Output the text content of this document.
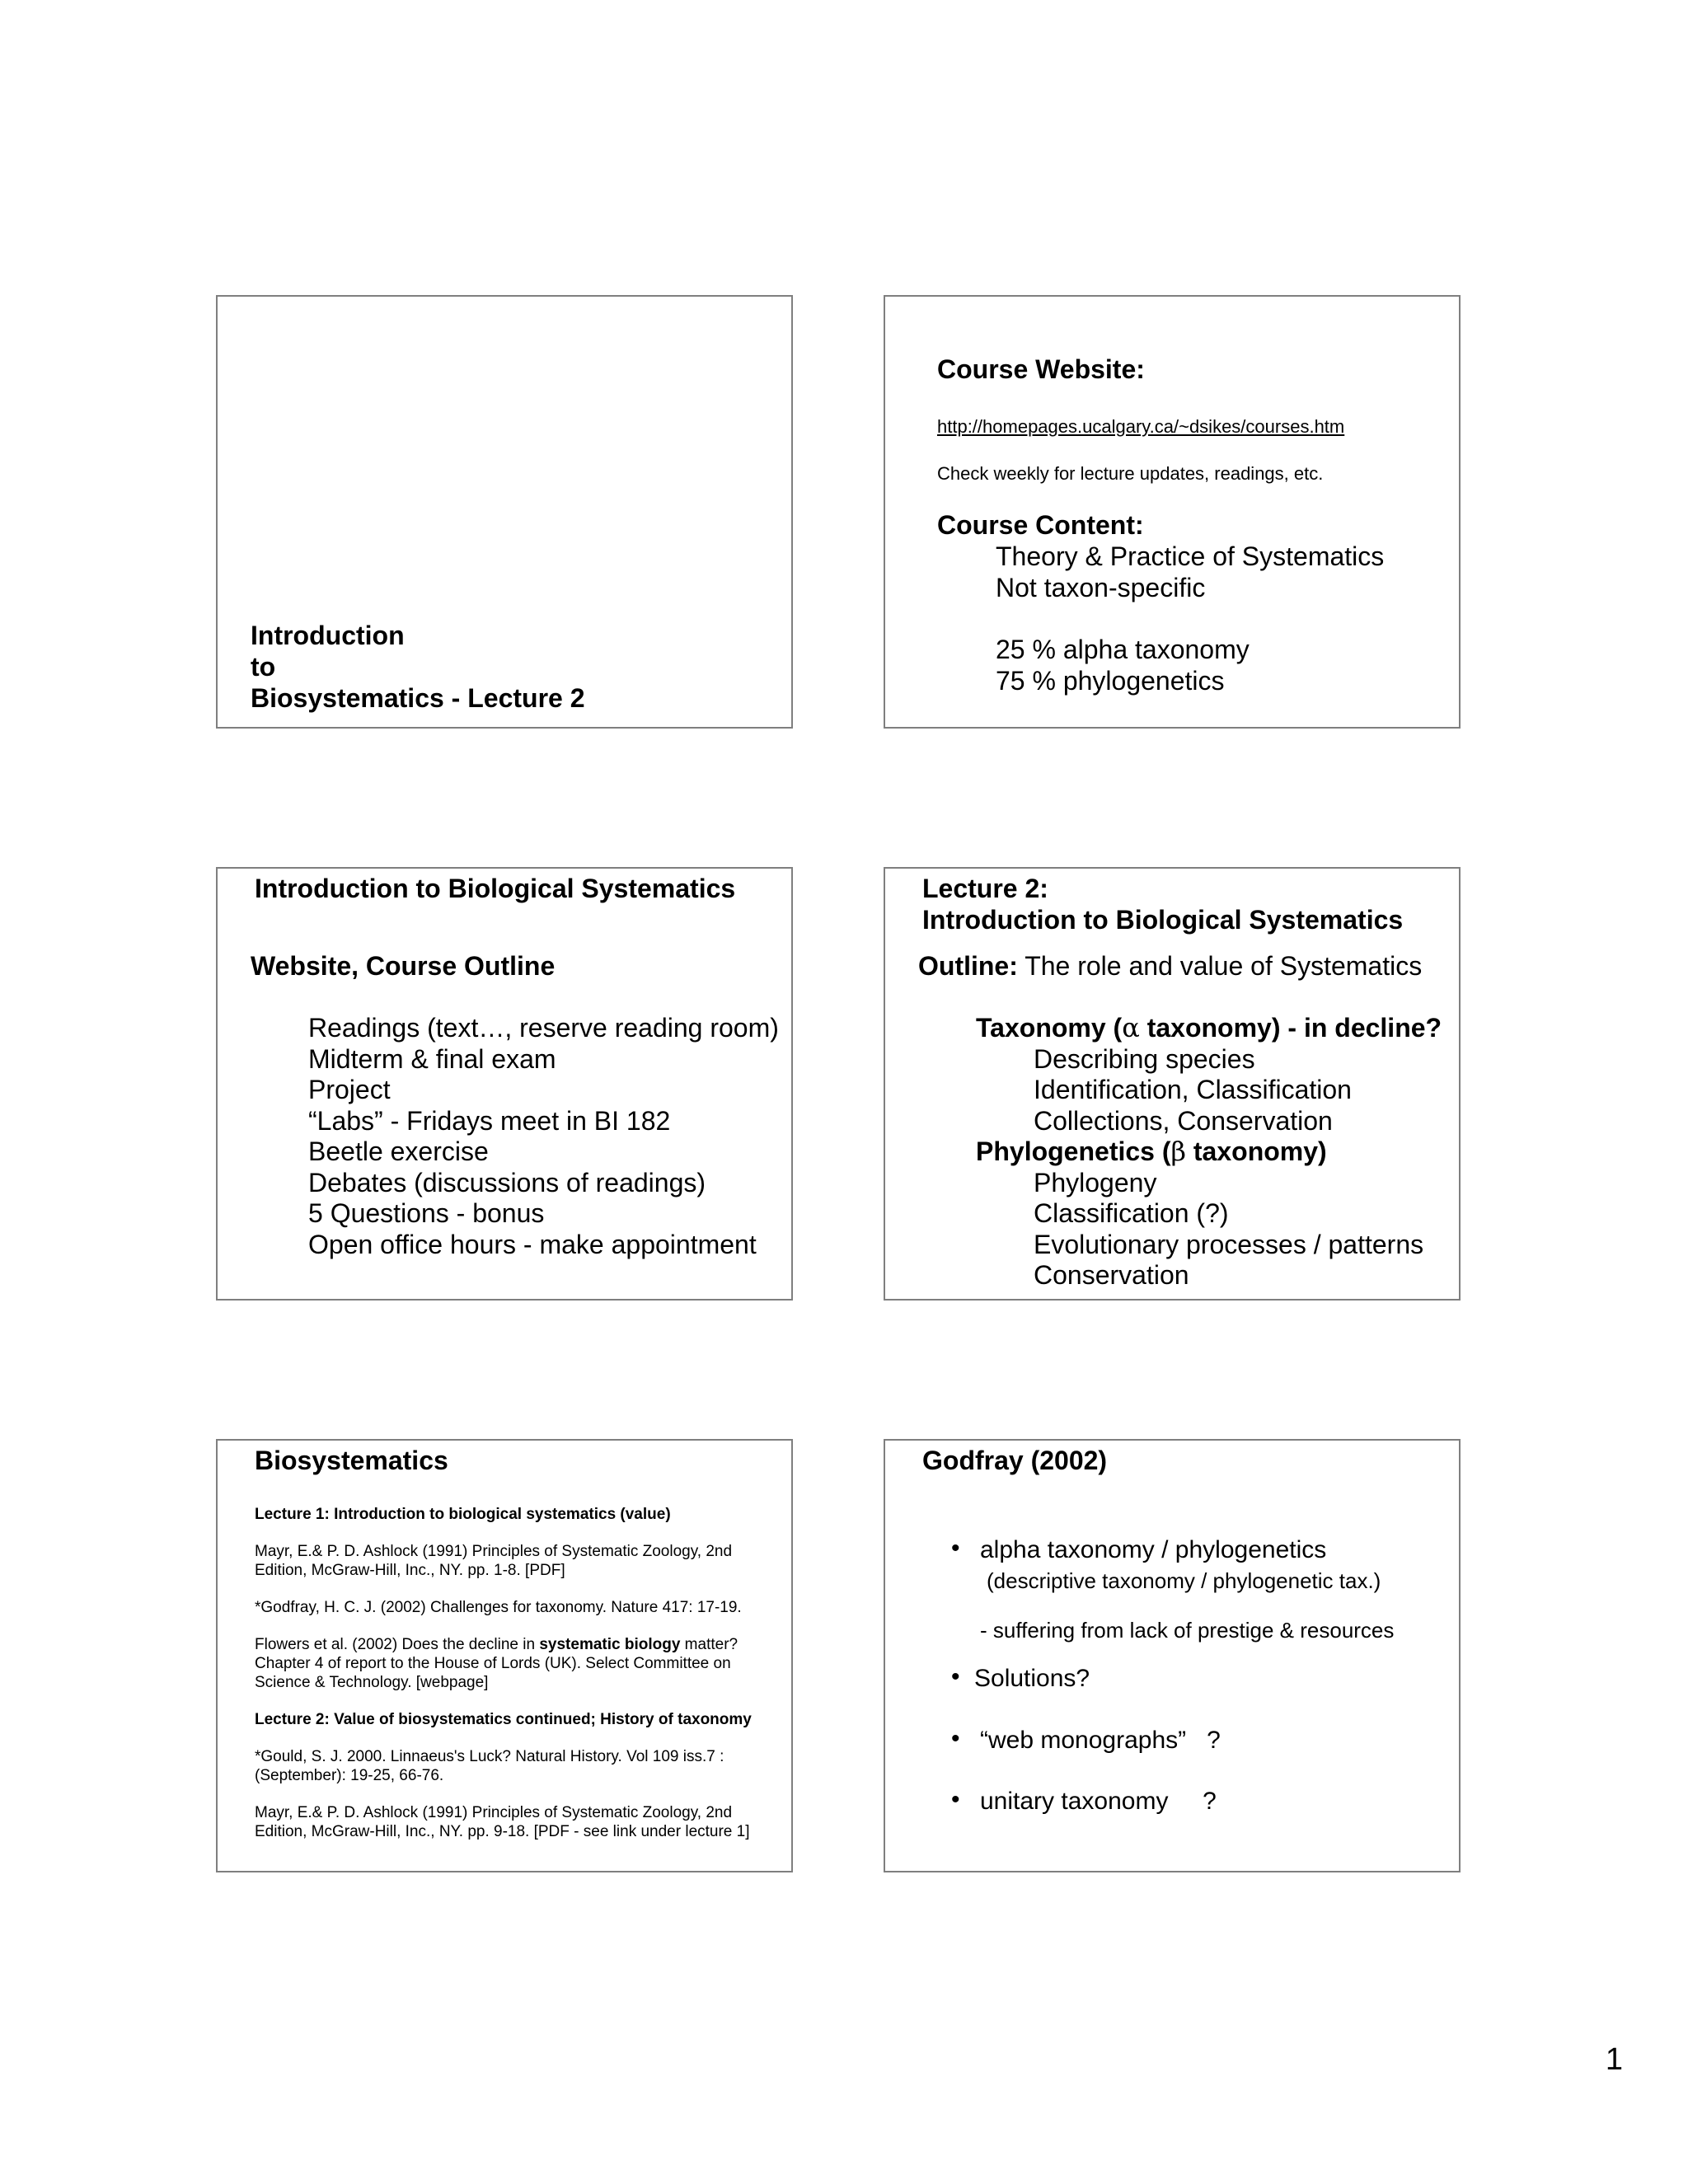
Introduction
to
Biosystematics - Lecture 2
Course Website:
http://homepages.ucalgary.ca/~dsikes/courses.htm
Check weekly for lecture updates, readings, etc.
Course Content:
Theory & Practice of Systematics
Not taxon-specific
25 % alpha taxonomy
75 % phylogenetics
Introduction to Biological Systematics
Website, Course Outline
Readings (text…, reserve reading room)
Midterm & final exam
Project
“Labs” - Fridays meet in BI 182
Beetle exercise
Debates (discussions of readings)
5 Questions - bonus
Open office hours - make appointment
Lecture 2:
Introduction to Biological Systematics
Outline: The role and value of Systematics
Taxonomy (α taxonomy) - in decline?
Describing species
Identification, Classification
Collections, Conservation
Phylogenetics (β taxonomy)
Phylogeny
Classification (?)
Evolutionary processes / patterns
Conservation
Biosystematics
Lecture 1: Introduction to biological systematics (value)
Mayr, E.& P. D. Ashlock (1991) Principles of Systematic Zoology, 2nd Edition, McGraw-Hill, Inc., NY. pp. 1-8. [PDF]
*Godfray, H. C. J. (2002) Challenges for taxonomy. Nature 417: 17-19.
Flowers et al. (2002) Does the decline in systematic biology matter? Chapter 4 of report to the House of Lords (UK). Select Committee on Science & Technology. [webpage]
Lecture 2: Value of biosystematics continued; History of taxonomy
*Gould, S. J. 2000. Linnaeus's Luck? Natural History. Vol 109 iss.7 : (September): 19-25, 66-76.
Mayr, E.& P. D. Ashlock (1991) Principles of Systematic Zoology, 2nd Edition, McGraw-Hill, Inc., NY. pp. 9-18. [PDF - see link under lecture 1]
Godfray (2002)
• alpha taxonomy / phylogenetics
(descriptive taxonomy / phylogenetic tax.)
- suffering from lack of prestige & resources
• Solutions?
• “web monographs”   ?
• unitary taxonomy     ?
1
